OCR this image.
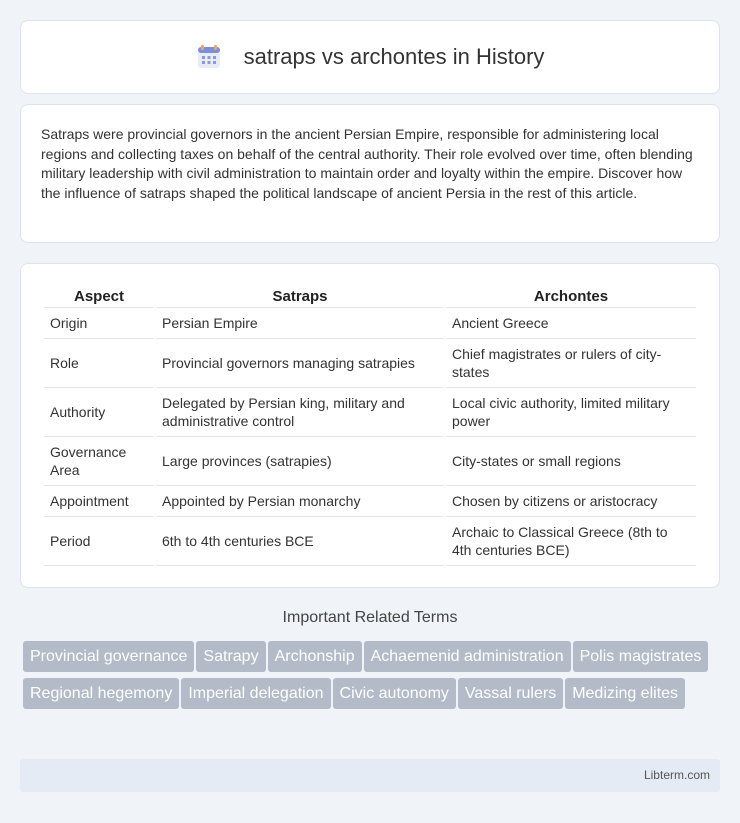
satraps vs archontes in History

Satraps were provincial governors in the ancient Persian Empire, responsible for administering local regions and collecting taxes on behalf of the central authority. Their role evolved over time, often blending military leadership with civil administration to maintain order and loyalty within the empire. Discover how the influence of satraps shaped the political landscape of ancient Persia in the rest of this article.

Aspect	Satraps	Archontes
Origin	Persian Empire	Ancient Greece
Role	Provincial governors managing satrapies	Chief magistrates or rulers of city-states
Authority	Delegated by Persian king, military and administrative control	Local civic authority, limited military power
Governance Area	Large provinces (satrapies)	City-states or small regions
Appointment	Appointed by Persian monarchy	Chosen by citizens or aristocracy
Period	6th to 4th centuries BCE	Archaic to Classical Greece (8th to 4th centuries BCE)
Important Related Terms
Provincial governance Satrapy Archonship Achaemenid administration Polis magistratesRegional hegemony Imperial delegation Civic autonomy Vassal rulers Medizing elites
Libterm.com
